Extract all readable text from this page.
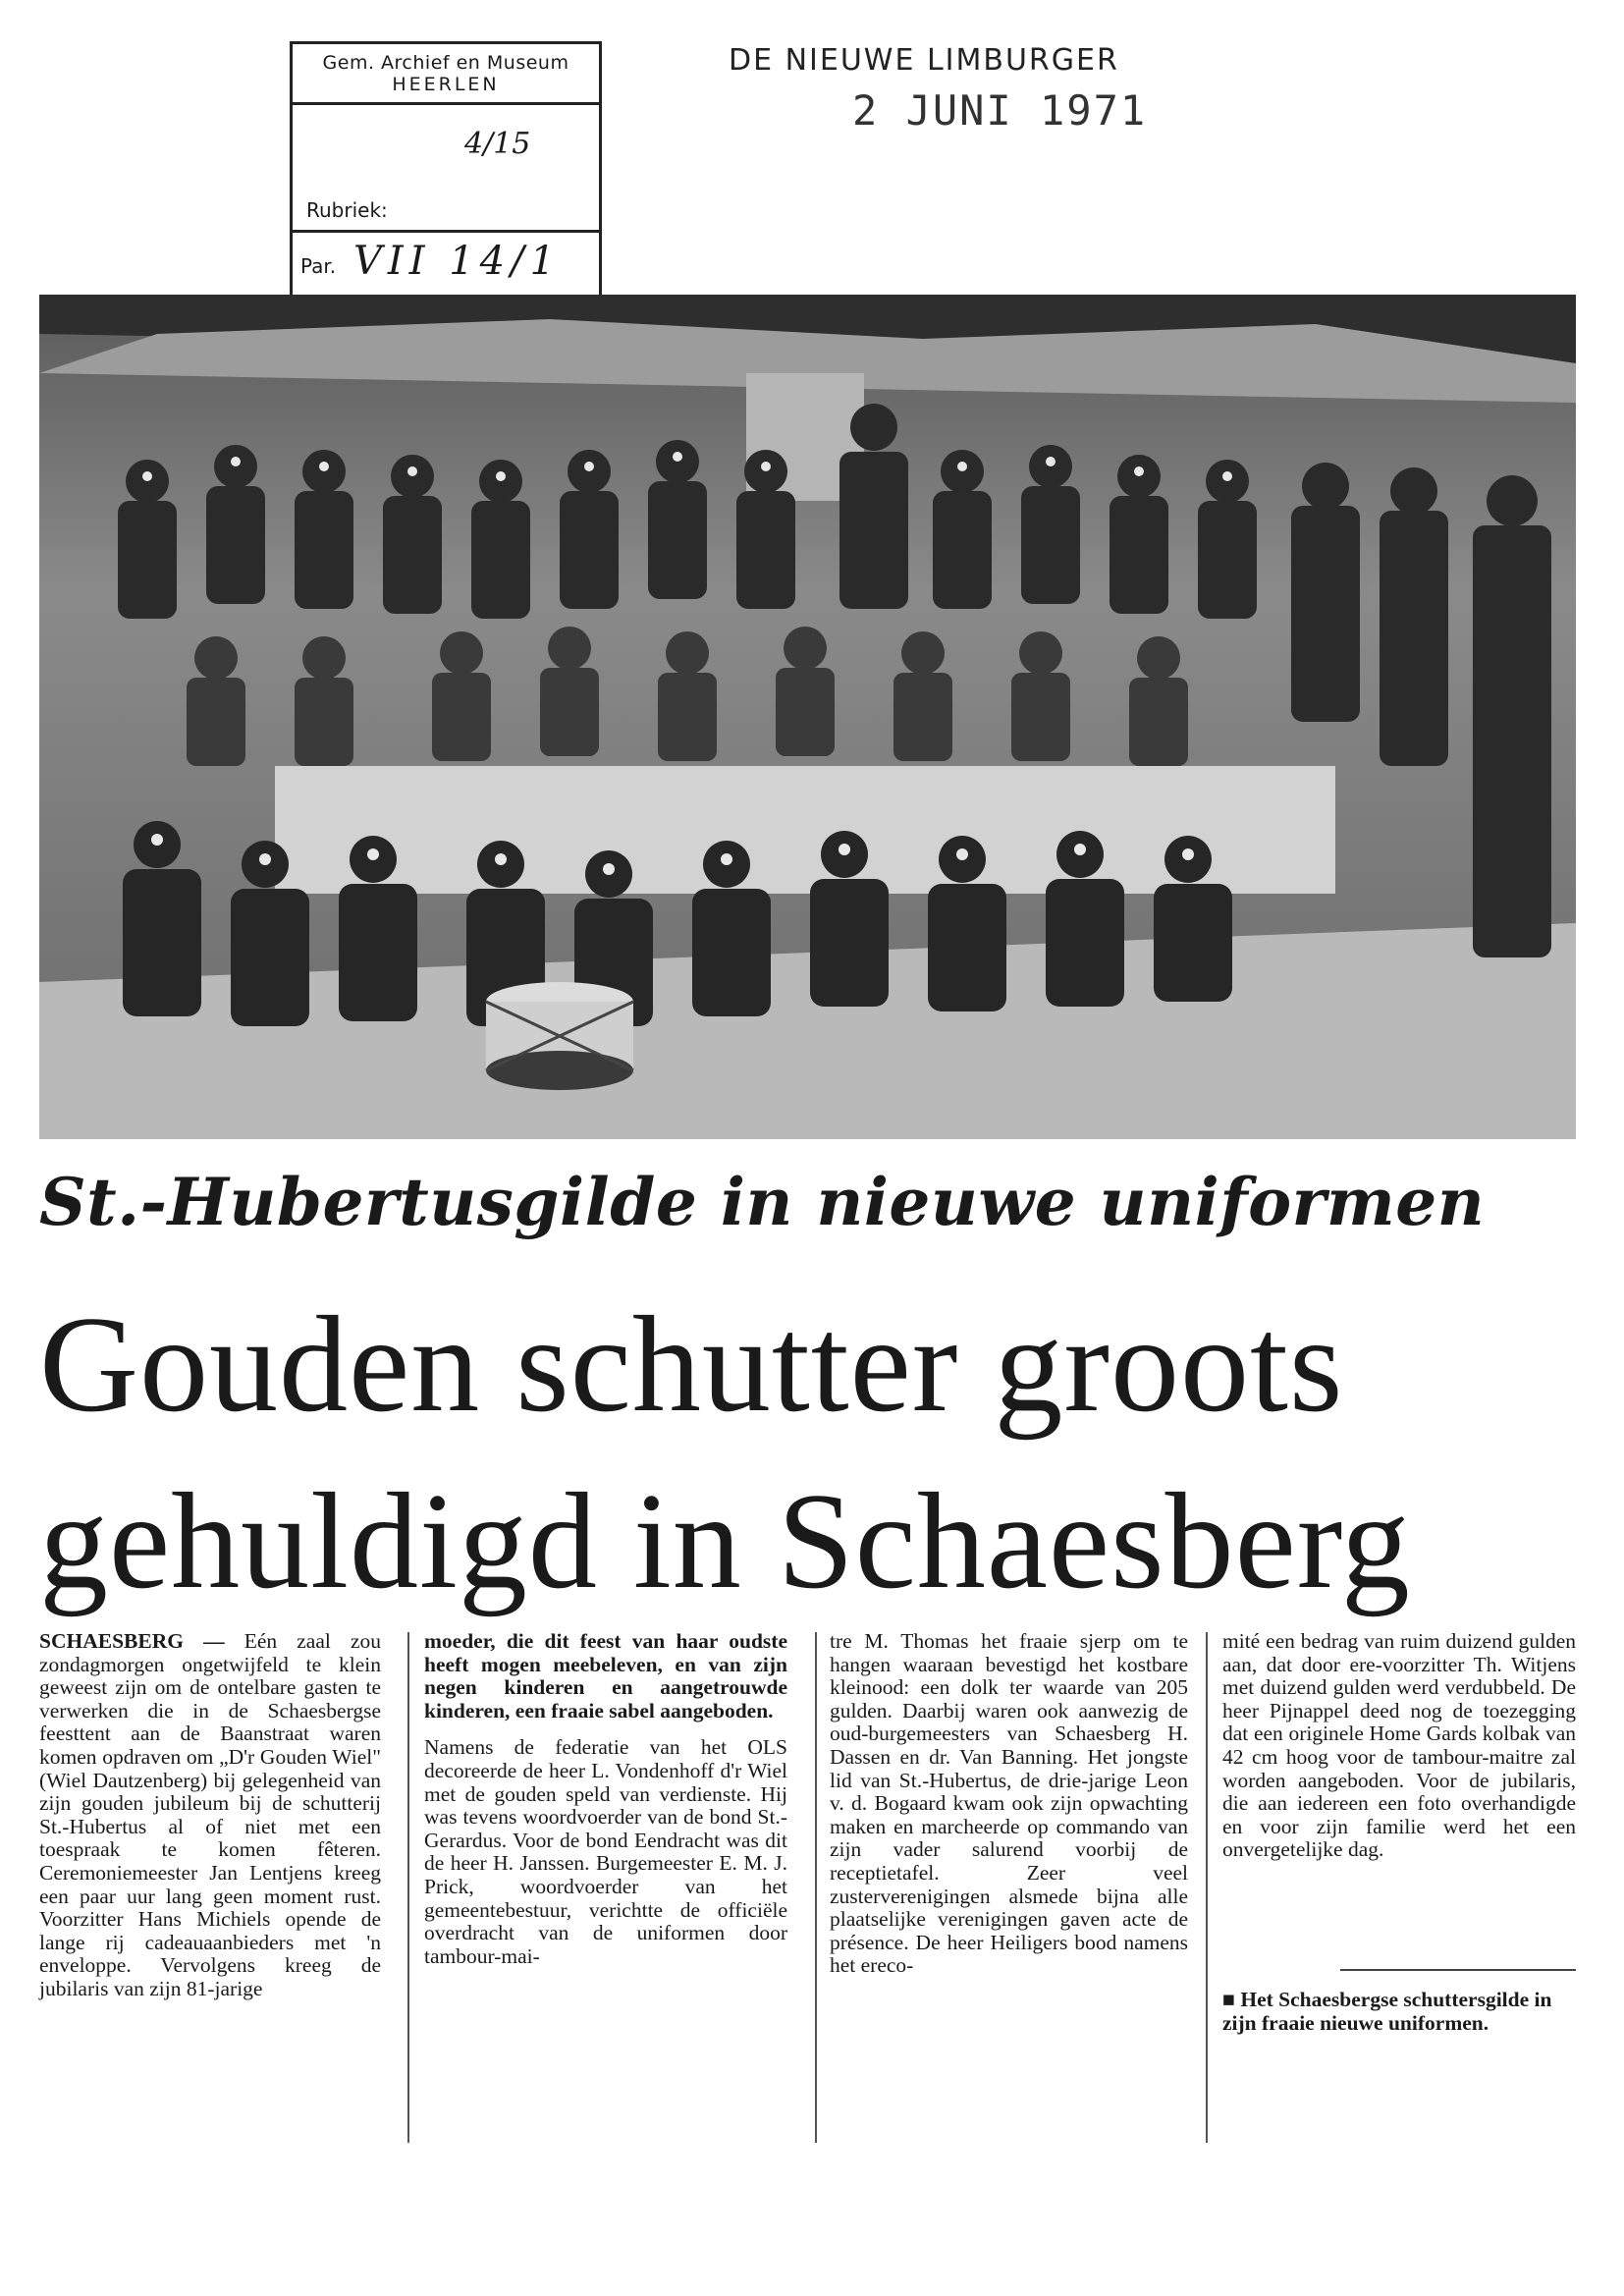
Gem. Archief en Museum
HEERLEN
4/15
Rubriek:
Par. VII 14/1
DE NIEUWE LIMBURGER
2 JUNI 1971
St.-Hubertusgilde in nieuwe uniformen
Gouden schutter groots
gehuldigd in Schaesberg
SCHAESBERG — Eén zaal zou zondagmorgen ongetwijfeld te klein geweest zijn om de ontelbare gasten te verwerken die in de Schaesbergse feesttent aan de Baanstraat waren komen opdraven om „D'r Gouden Wiel" (Wiel Dautzenberg) bij gelegenheid van zijn gouden jubileum bij de schutterij St.-Hubertus al of niet met een toespraak te komen fêteren. Ceremoniemeester Jan Lentjens kreeg een paar uur lang geen moment rust. Voorzitter Hans Michiels opende de lange rij cadeauaanbieders met 'n enveloppe. Vervolgens kreeg de jubilaris van zijn 81-jarige
moeder, die dit feest van haar oudste heeft mogen meebeleven, en van zijn negen kinderen en aangetrouwde kinderen, een fraaie sabel aangeboden.
Namens de federatie van het OLS decoreerde de heer L. Vondenhoff d'r Wiel met de gouden speld van verdienste. Hij was tevens woordvoerder van de bond St.-Gerardus. Voor de bond Eendracht was dit de heer H. Janssen. Burgemeester E. M. J. Prick, woordvoerder van het gemeentebestuur, verichtte de officiële overdracht van de uniformen door tambour-mai-
tre M. Thomas het fraaie sjerp om te hangen waaraan bevestigd het kostbare kleinood: een dolk ter waarde van 205 gulden. Daarbij waren ook aanwezig de oud-burgemeesters van Schaesberg H. Dassen en dr. Van Banning. Het jongste lid van St.-Hubertus, de drie-jarige Leon v. d. Bogaard kwam ook zijn opwachting maken en marcheerde op commando van zijn vader salurend voorbij de receptietafel. Zeer veel zusterverenigingen alsmede bijna alle plaatselijke verenigingen gaven acte de présence. De heer Heiligers bood namens het ereco-
mité een bedrag van ruim duizend gulden aan, dat door ere-voorzitter Th. Witjens met duizend gulden werd verdubbeld. De heer Pijnappel deed nog de toezegging dat een originele Home Gards kolbak van 42 cm hoog voor de tambour-maitre zal worden aangeboden. Voor de jubilaris, die aan iedereen een foto overhandigde en voor zijn familie werd het een onvergetelijke dag.
■ Het Schaesbergse schuttersgilde in zijn fraaie nieuwe uniformen.
